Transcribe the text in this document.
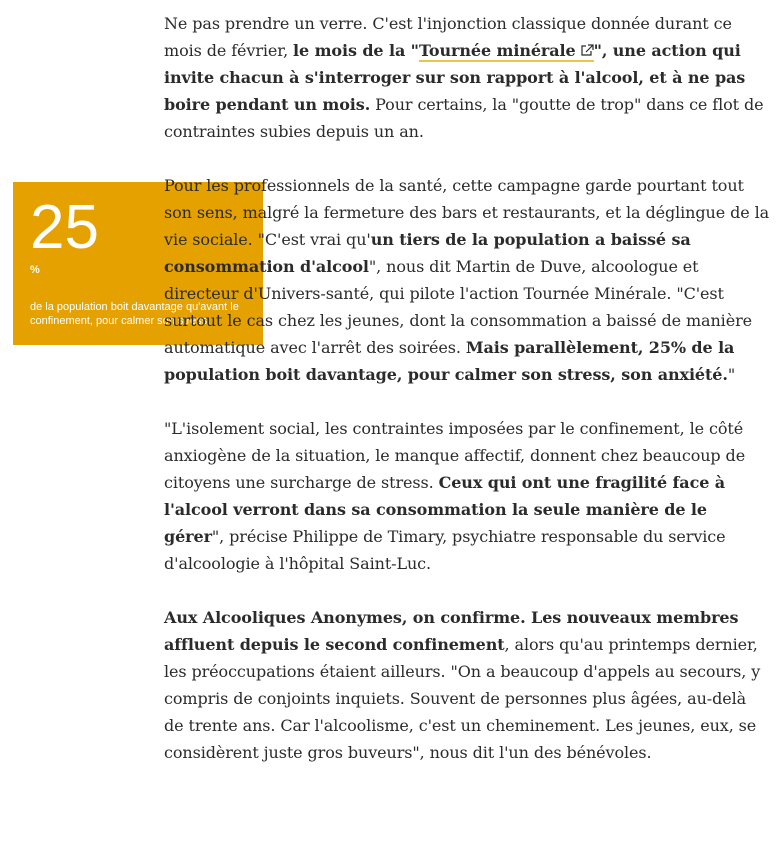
25
%
de la population boit davantage qu'avant le confinement, pour calmer son stress.

Ne pas prendre un verre. C'est l'injonction classique donnée durant ce mois de février, le mois de la "Tournée minérale ", une action qui invite chacun à s'interroger sur son rapport à l'alcool, et à ne pas boire pendant un mois. Pour certains, la "goutte de trop" dans ce flot de contraintes subies depuis un an.

Pour les professionnels de la santé, cette campagne garde pourtant tout son sens, malgré la fermeture des bars et restaurants, et la déglingue de la vie sociale. "C'est vrai qu'un tiers de la population a baissé sa consommation d'alcool", nous dit Martin de Duve, alcoologue et directeur d'Univers-santé, qui pilote l'action Tournée Minérale. "C'est surtout le cas chez les jeunes, dont la consommation a baissé de manière automatique avec l'arrêt des soirées. Mais parallèlement, 25% de la population boit davantage, pour calmer son stress, son anxiété."

"L'isolement social, les contraintes imposées par le confinement, le côté anxiogène de la situation, le manque affectif, donnent chez beaucoup de citoyens une surcharge de stress. Ceux qui ont une fragilité face à l'alcool verront dans sa consommation la seule manière de le gérer", précise Philippe de Timary, psychiatre responsable du service d'alcoologie à l'hôpital Saint-Luc.

Aux Alcooliques Anonymes, on confirme. Les nouveaux membres affluent depuis le second confinement, alors qu'au printemps dernier, les préoccupations étaient ailleurs. "On a beaucoup d'appels au secours, y compris de conjoints inquiets. Souvent de personnes plus âgées, au-delà de trente ans. Car l'alcoolisme, c'est un cheminement. Les jeunes, eux, se considèrent juste gros buveurs", nous dit l'un des bénévoles.
